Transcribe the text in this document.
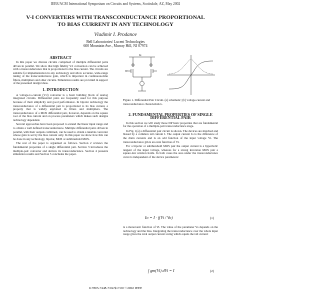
IEEE/ACM International Symposium on Circuits and Systems, Scottsdale, AZ, May 2002
V-I CONVERTERS WITH TRANSCONDUCTANCE PROPORTIONAL TO BIAS CURRENT IN ANY TECHNOLOGY
Vladimir I. Prodanov
Bell Laboratories/ Lucent Technologies
600 Mountain Ave., Murray Hill, NJ 07974
ABSTRACT

In this paper we discuss circuits comprised of multiple differential pairs driven in parallel. We show that high fidelity V-I conversion can be achieved with a transconductance that is proportional to the bias current. The circuits are suitable for implementation in any technology and allow accurate, wide-range tuning of the transconductance gain, which is important in continuous-time filters, multipliers and other circuits. Simulation results are provided in support of the presented design ideas.

1. INTRODUCTION

A voltage-to-current (V-I) converter is a basic building block of analog integrated circuits. Differential pairs are frequently used for this purpose because of their simplicity and good performance. In bipolar technology the transconductance of a differential pair is proportional to its bias current, a property that is widely exploited in filters and multipliers. The transconductance of a MOS differential pair, however, depends on the square root of the bias current and on process parameters which makes such designs technology dependent.

Several approaches have been proposed to extend the linear input range and to obtain a well defined transconductance. Multiple differential pairs driven in parallel, with their outputs combined, can be used to obtain a tunable converter whose gain is set by the bias current only. In this paper we show how this can be done in any technology, bipolar, MOS or subthreshold MOS.

The rest of the paper is organized as follows. Section 2 reviews the fundamental properties of a single differential pair. Section 3 introduces the multiple-pair converter and derives its transconductance. Section 4 presents simulation results and Section 5 concludes the paper.

Vi
Io
Figure 1. Differential Pair Circuit. (a) schematic; (b) voltage-current and transconductance characteristics.
2. FUNDAMENTAL PROPERTIES OF SINGLE DIFFERENTIAL PAIR

In this section we will study those DP basic properties that are fundamental for the operation of a multiple-pair transconductance stage.

In Fig. 1(a) a differential pair circuit is shown. The devices are matched and biased by a common tail current I. The output current Io is the difference of the drain currents and is an odd function of the input voltage Vi. The transconductance gm is an even function of Vi.

For a bipolar or subthreshold MOS pair the output current is a hyperbolic tangent of the input voltage, whereas for a strong inversion MOS pair a square-law relation holds. In both cases the area under the transconductance curve is independent of the device parameters:

Io = I · f(Vi / Vo)	(1)

is a monotonic function of Vi. The value of the parameter Vo depends on the technology and the bias. Integrating the transconductance over the whole input range gives the total output current swing which equals the tail current:

∫ gm(Vi) dVi = I	(2)
0-7803-7448-7/02/$17.00 ©2002 IEEE
